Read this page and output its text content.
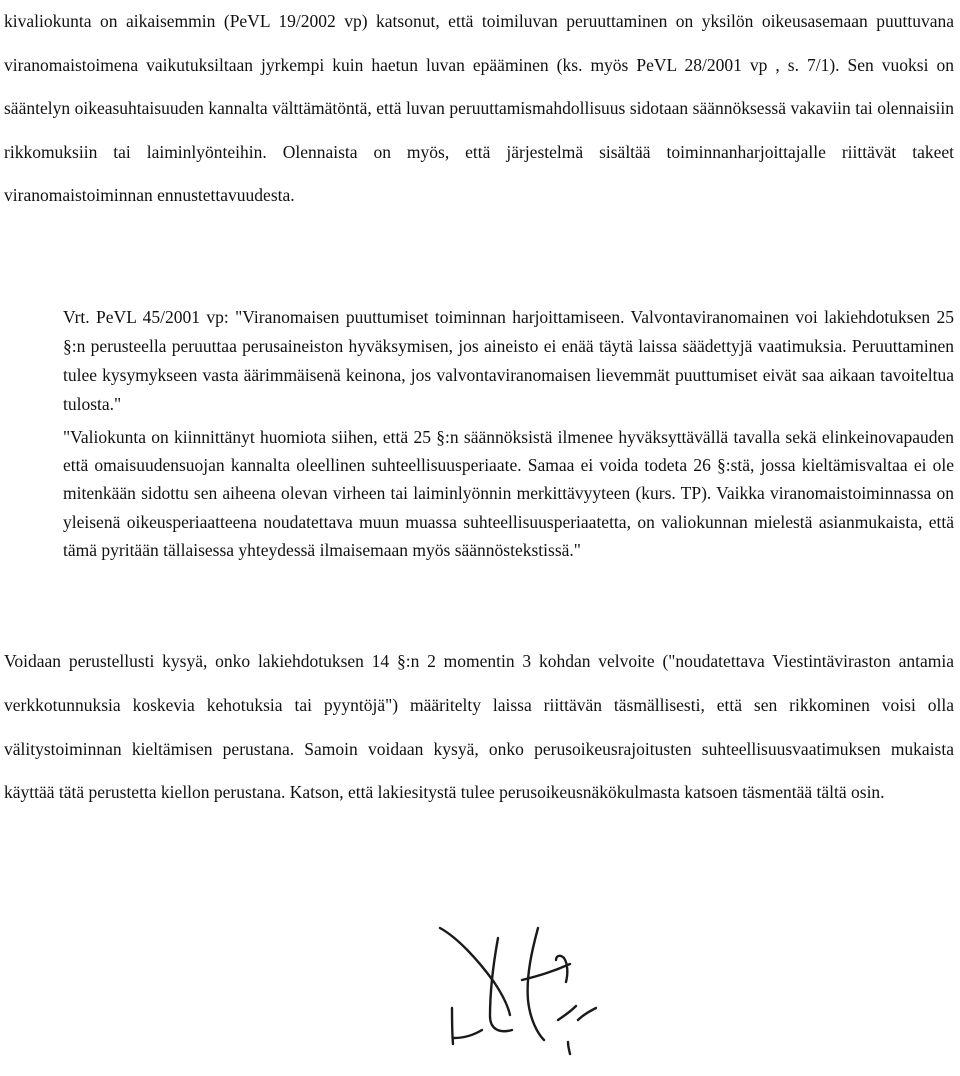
kivaliokunta on aikaisemmin (PeVL 19/2002 vp) katsonut, että toimiluvan peruuttaminen on yksilön oikeusasemaan puuttuvana viranomaistoimena vaikutuksiltaan jyrkempi kuin haetun luvan epääminen (ks. myös PeVL 28/2001 vp , s. 7/1). Sen vuoksi on sääntelyn oikeasuhtaisuuden kannalta välttämätöntä, että luvan peruuttamismahdollisuus sidotaan säännöksessä vakaviin tai olennaisiin rikkomuksiin tai laiminlyönteihin. Olennaista on myös, että järjestelmä sisältää toiminnanharjoittajalle riittävät takeet viranomaistoiminnan ennustettavuudesta.

Vrt. PeVL 45/2001 vp: "Viranomaisen puuttumiset toiminnan harjoittamiseen. Valvontaviranomainen voi lakiehdotuksen 25 §:n perusteella peruuttaa perusaineiston hyväksymisen, jos aineisto ei enää täytä laissa säädettyjä vaatimuksia. Peruuttaminen tulee kysymykseen vasta äärimmäisenä keinona, jos valvontaviranomaisen lievemmät puuttumiset eivät saa aikaan tavoiteltua tulosta."

"Valiokunta on kiinnittänyt huomiota siihen, että 25 §:n säännöksistä ilmenee hyväksyttävällä tavalla sekä elinkeinovapauden että omaisuudensuojan kannalta oleellinen suhteellisuusperiaate. Samaa ei voida todeta 26 §:stä, jossa kieltämisvaltaa ei ole mitenkään sidottu sen aiheena olevan virheen tai laiminlyönnin merkittävyyteen (kurs. TP). Vaikka viranomaistoiminnassa on yleisenä oikeusperiaatteena noudatettava muun muassa suhteellisuusperiaatetta, on valiokunnan mielestä asianmukaista, että tämä pyritään tällaisessa yhteydessä ilmaisemaan myös säännöstekstissä."

Voidaan perustellusti kysyä, onko lakiehdotuksen 14 §:n 2 momentin 3 kohdan velvoite ("noudatettava Viestintäviraston antamia verkkotunnuksia koskevia kehotuksia tai pyyntöjä") määritelty laissa riittävän täsmällisesti, että sen rikkominen voisi olla välitystoiminnan kieltämisen perustana. Samoin voidaan kysyä, onko perusoikeusrajoitusten suhteellisuusvaatimuksen mukaista käyttää tätä perustetta kiellon perustana. Katson, että lakiesitystä tulee perusoikeusnäkökulmasta katsoen täsmentää tältä osin.
